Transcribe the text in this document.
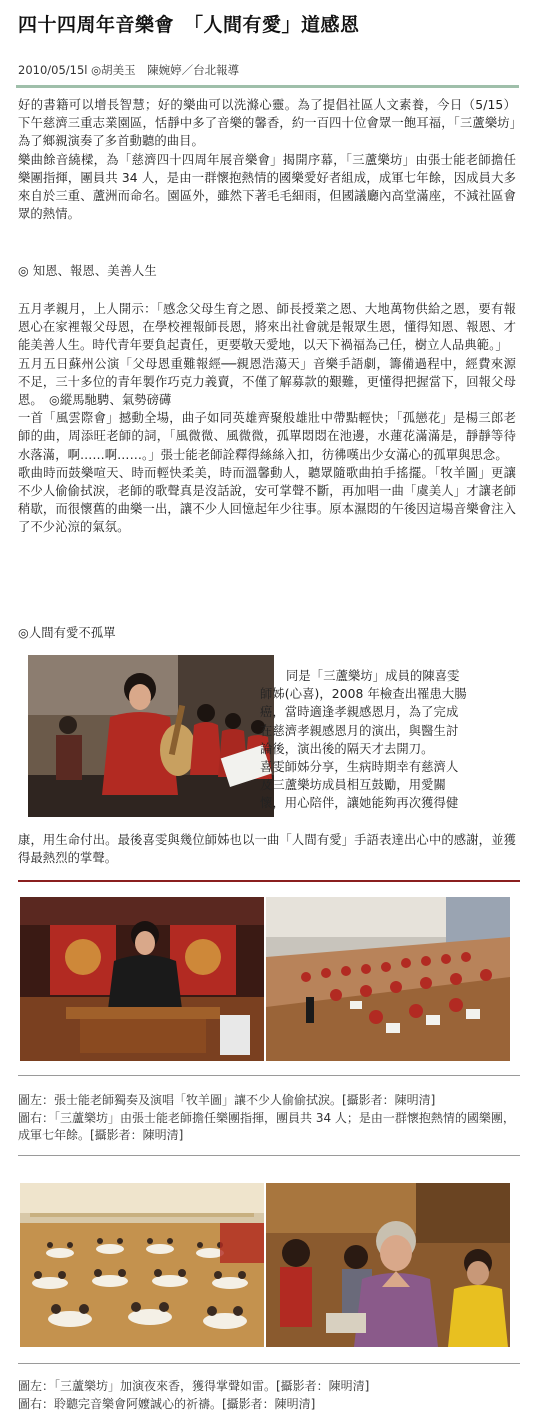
四十四周年音樂會　「人間有愛」道感恩
2010/05/15l ◎胡美玉　陳婉婷／台北報導

好的書籍可以增長智慧；好的樂曲可以洗滌心靈。為了提倡社區人文素養，今日（5/15）下午慈濟三重志業園區，恬靜中多了音樂的馨香，約一百四十位會眾一飽耳福，「三蘆樂坊」為了鄉親演奏了多首動聽的曲目。

樂曲餘音繞樑，為「慈濟四十四周年展音樂會」揭開序幕，「三蘆樂坊」由張士能老師擔任樂團指揮，團員共 34 人，是由一群懷抱熱情的國樂愛好者組成，成軍七年餘，因成員大多來自於三重、蘆洲而命名。園區外，雖然下著毛毛細雨，但國議廳內高堂滿座，不減社區會眾的熱情。

◎ 知恩、報恩、美善人生

五月孝親月，上人開示：「感念父母生育之恩、師長授業之恩、大地萬物供給之恩，要有報恩心在家裡報父母恩，在學校裡報師長恩，將來出社會就是報眾生恩，懂得知恩、報恩、才能美善人生。時代青年要負起責任，更要敬天愛地，以天下禍福為己任，樹立人品典範。」

五月五日蘇州公演「父母恩重難報經──親恩浩蕩天」音樂手語劇，籌備過程中，經費來源不足，三十多位的青年製作巧克力義賣，不僅了解募款的艱難，更懂得把握當下，回報父母恩。　◎縱馬馳騁、氣勢磅礡

一首「風雲際會」撼動全場，曲子如同英雄齊聚般雄壯中帶點輕快；「孤戀花」是楊三郎老師的曲，周添旺老師的詞，「風微微、風微微，孤單悶悶在池邊，水蓮花滿滿是，靜靜等待水落滿，啊……啊……。」張士能老師詮釋得絲絲入扣，彷彿嘆出少女滿心的孤單與思念。

歌曲時而鼓樂喧天、時而輕快柔美，時而溫馨動人，聽眾隨歌曲拍手搖擺。「牧羊圖」更讓不少人偷偷拭淚，老師的歌聲真是沒話說，安可掌聲不斷，再加唱一曲「虞美人」才讓老師稍歇，而很懷舊的曲樂一出，讓不少人回憶起年少往事。原本濕悶的午後因這場音樂會注入了不少沁涼的氣氛。

◎人間有愛不孤單

同是「三蘆樂坊」成員的陳喜雯

師姊(心喜)，2008 年檢查出罹患大腸

癌，當時適逢孝親感恩月，為了完成

在慈濟孝親感恩月的演出，與醫生討

論後，演出後的隔天才去開刀。

喜雯師姊分享，生病時期幸有慈濟人

及三蘆樂坊成員相互鼓勵，用愛關

懷，用心陪伴，讓她能夠再次獲得健

康，用生命付出。最後喜雯與幾位師姊也以一曲「人間有愛」手語表達出心中的感謝，並獲得最熱烈的掌聲。

圖左：張士能老師獨奏及演唱「牧羊圖」讓不少人偷偷拭淚。[攝影者：陳明清]

圖右：「三蘆樂坊」由張士能老師擔任樂團指揮，團員共 34 人；是由一群懷抱熱情的國樂團，成軍七年餘。[攝影者：陳明清]

圖左：「三蘆樂坊」加演夜來香，獲得掌聲如雷。[攝影者：陳明清]

圖右：聆聽完音樂會阿嬤誠心的祈禱。[攝影者：陳明清]
